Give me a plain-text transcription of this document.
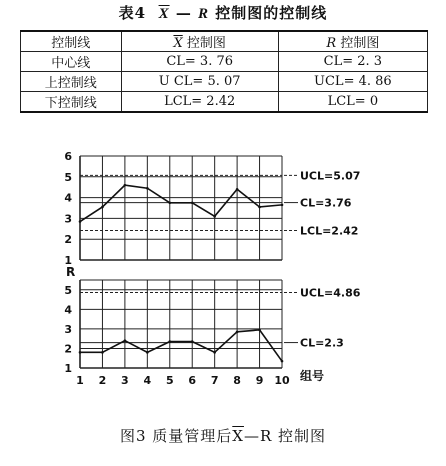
表4 $\overline{X}$ — R 控制图的控制线
控制线	$\overline{X}$ 控制图	R 控制图
中心线	CL= 3. 76	CL= 2. 3
上控制线	U CL= 5. 07	UCL= 4. 86
下控制线	LCL= 2.42	LCL= 0
1
2
3
4
5
6
UCL=5.07
CL=3.76
LCL=2.42
1
2
3
4
5
R
UCL=4.86
CL=2.3
1 2 3 4 5 6 7 8 9 10 组号
图3 质量管理后$\overline{X}—R$ 控制图
